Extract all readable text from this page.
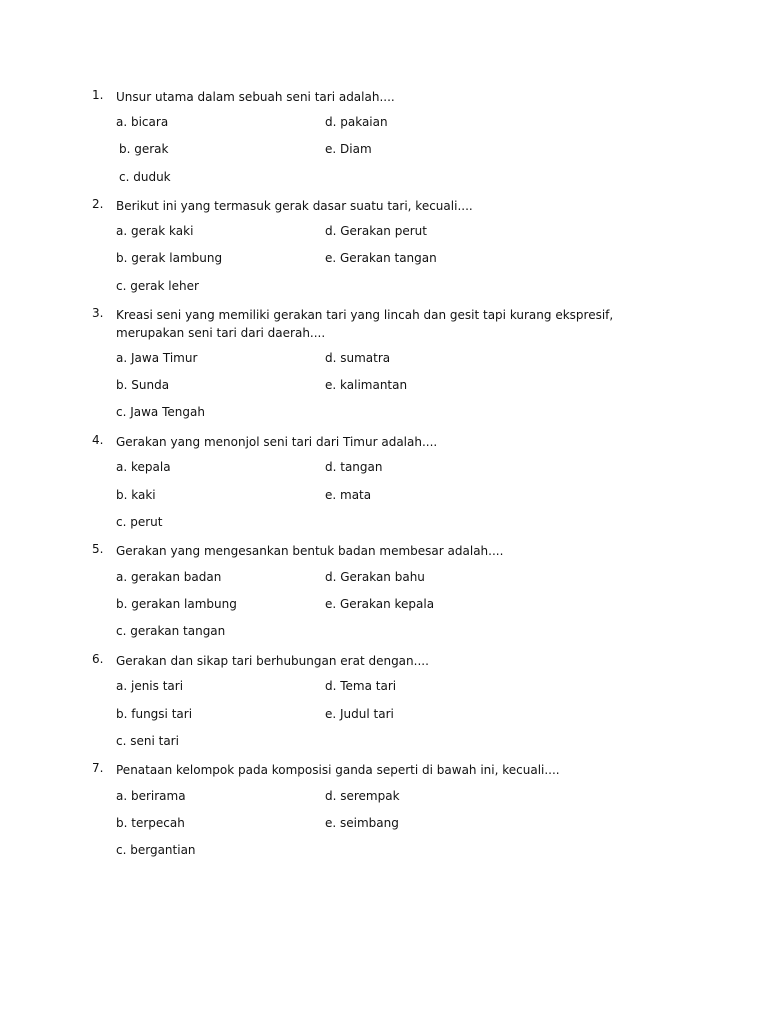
1. Unsur utama dalam sebuah seni tari adalah....
a. bicara
b. gerak
c. duduk
d. pakaian
e. Diam
2. Berikut ini yang termasuk gerak dasar suatu tari, kecuali....
a. gerak kaki
b. gerak lambung
c. gerak leher
d. Gerakan perut
e. Gerakan tangan
3. Kreasi seni yang memiliki gerakan tari yang lincah dan gesit tapi kurang ekspresif, merupakan seni tari dari daerah....
a. Jawa Timur
b. Sunda
c. Jawa Tengah
d. sumatra
e. kalimantan
4. Gerakan yang menonjol seni tari dari Timur adalah....
a. kepala
b. kaki
c. perut
d. tangan
e. mata
5. Gerakan yang mengesankan bentuk badan membesar adalah....
a. gerakan badan
b. gerakan lambung
c. gerakan tangan
d. Gerakan bahu
e. Gerakan kepala
6. Gerakan dan sikap tari berhubungan erat dengan....
a. jenis tari
b. fungsi tari
c. seni tari
d. Tema tari
e. Judul tari
7. Penataan kelompok pada komposisi ganda seperti di bawah ini, kecuali....
a. berirama
b. terpecah
c. bergantian
d. serempak
e. seimbang
